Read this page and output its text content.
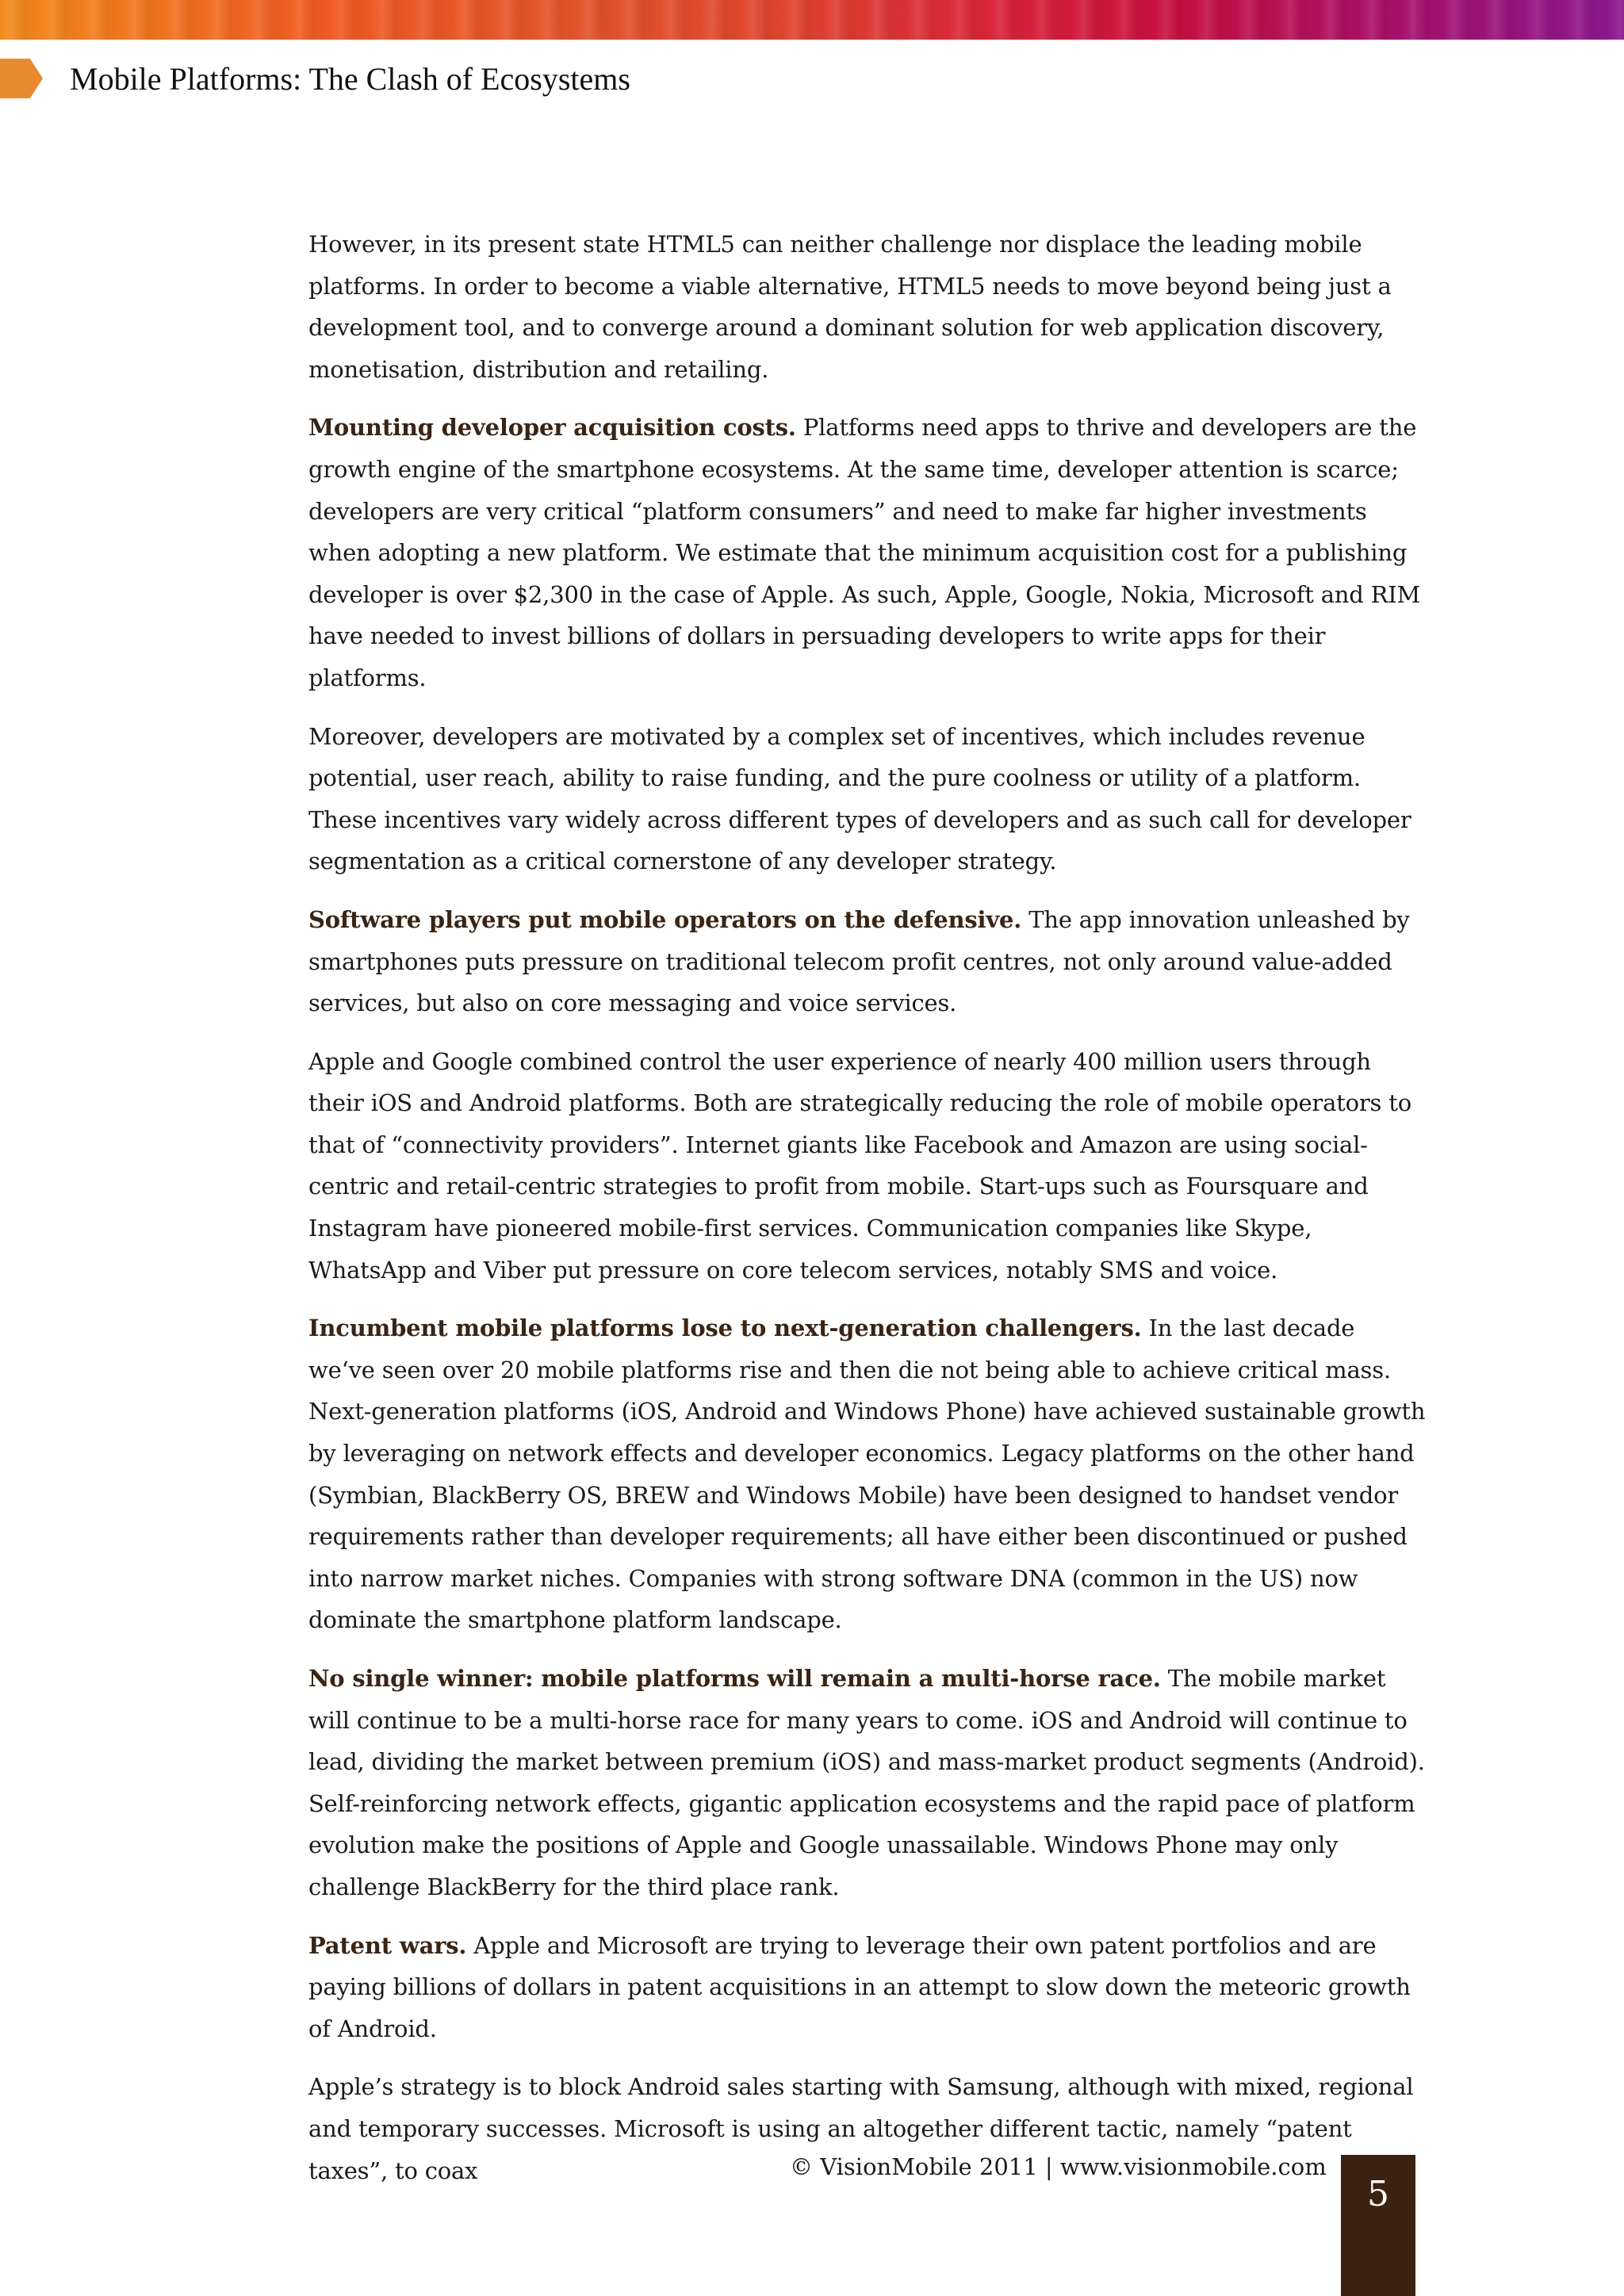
Mobile Platforms: The Clash of Ecosystems

However, in its present state HTML5 can neither challenge nor displace the leading mobile platforms. In order to become a viable alternative, HTML5 needs to move beyond being just a development tool, and to converge around a dominant solution for web application discovery, monetisation, distribution and retailing.

Mounting developer acquisition costs. Platforms need apps to thrive and developers are the growth engine of the smartphone ecosystems. At the same time, developer attention is scarce; developers are very critical “platform consumers” and need to make far higher investments when adopting a new platform. We estimate that the minimum acquisition cost for a publishing developer is over $2,300 in the case of Apple. As such, Apple, Google, Nokia, Microsoft and RIM have needed to invest billions of dollars in persuading developers to write apps for their platforms.

Moreover, developers are motivated by a complex set of incentives, which includes revenue potential, user reach, ability to raise funding, and the pure coolness or utility of a platform. These incentives vary widely across different types of developers and as such call for developer segmentation as a critical cornerstone of any developer strategy.

Software players put mobile operators on the defensive. The app innovation unleashed by smartphones puts pressure on traditional telecom profit centres, not only around value-added services, but also on core messaging and voice services.

Apple and Google combined control the user experience of nearly 400 million users through their iOS and Android platforms. Both are strategically reducing the role of mobile operators to that of “connectivity providers”. Internet giants like Facebook and Amazon are using social-centric and retail-centric strategies to profit from mobile. Start-ups such as Foursquare and Instagram have pioneered mobile-first services. Communication companies like Skype, WhatsApp and Viber put pressure on core telecom services, notably SMS and voice.

Incumbent mobile platforms lose to next-generation challengers. In the last decade we‘ve seen over 20 mobile platforms rise and then die not being able to achieve critical mass. Next-generation platforms (iOS, Android and Windows Phone) have achieved sustainable growth by leveraging on network effects and developer economics. Legacy platforms on the other hand (Symbian, BlackBerry OS, BREW and Windows Mobile) have been designed to handset vendor requirements rather than developer requirements; all have either been discontinued or pushed into narrow market niches. Companies with strong software DNA (common in the US) now dominate the smartphone platform landscape.

No single winner: mobile platforms will remain a multi-horse race. The mobile market will continue to be a multi-horse race for many years to come. iOS and Android will continue to lead, dividing the market between premium (iOS) and mass-market product segments (Android). Self-reinforcing network effects, gigantic application ecosystems and the rapid pace of platform evolution make the positions of Apple and Google unassailable. Windows Phone may only challenge BlackBerry for the third place rank.

Patent wars. Apple and Microsoft are trying to leverage their own patent portfolios and are paying billions of dollars in patent acquisitions in an attempt to slow down the meteoric growth of Android.

Apple’s strategy is to block Android sales starting with Samsung, although with mixed, regional and temporary successes. Microsoft is using an altogether different tactic, namely “patent taxes”, to coax	© VisionMobile 2011 | www.visionmobile.com
5
